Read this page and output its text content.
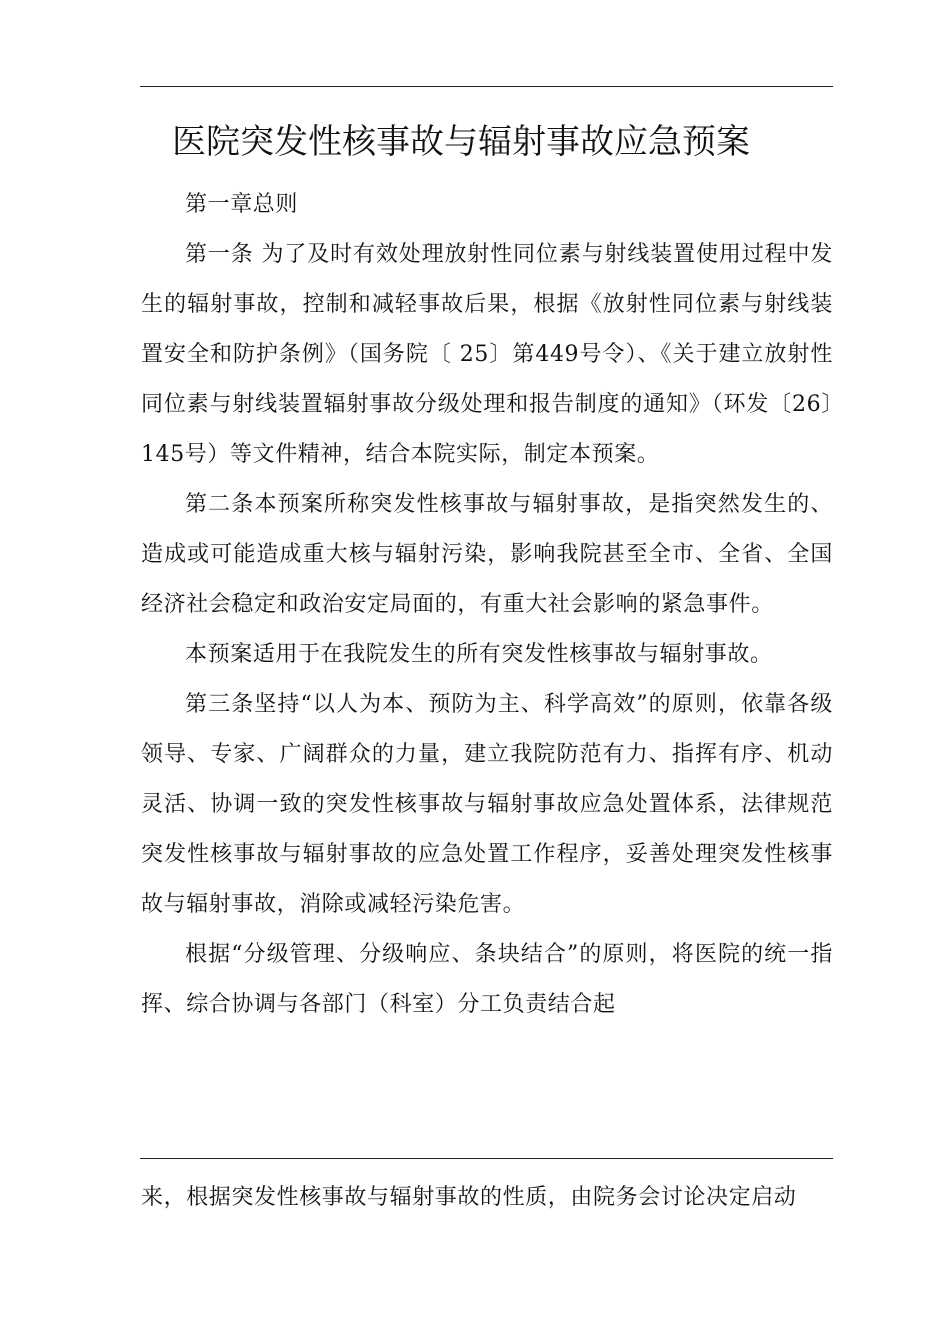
医院突发性核事故与辐射事故应急预案

第一章总则

第一条 为了及时有效处理放射性同位素与射线装置使用过程中发生的辐射事故，控制和减轻事故后果，根据《放射性同位素与射线装置安全和防护条例》（国务院〔 25〕第449号令）、《关于建立放射性同位素与射线装置辐射事故分级处理和报告制度的通知》（环发〔26〕145号）等文件精神，结合本院实际，制定本预案。

第二条本预案所称突发性核事故与辐射事故，是指突然发生的、造成或可能造成重大核与辐射污染，影响我院甚至全市、全省、全国经济社会稳定和政治安定局面的，有重大社会影响的紧急事件。

本预案适用于在我院发生的所有突发性核事故与辐射事故。

第三条坚持“以人为本、预防为主、科学高效”的原则，依靠各级领导、专家、广阔群众的力量，建立我院防范有力、指挥有序、机动灵活、协调一致的突发性核事故与辐射事故应急处置体系，法律规范突发性核事故与辐射事故的应急处置工作程序，妥善处理突发性核事故与辐射事故，消除或减轻污染危害。

根据“分级管理、分级响应、条块结合”的原则，将医院的统一指挥、综合协调与各部门（科室）分工负责结合起

来，根据突发性核事故与辐射事故的性质，由院务会讨论决定启动
